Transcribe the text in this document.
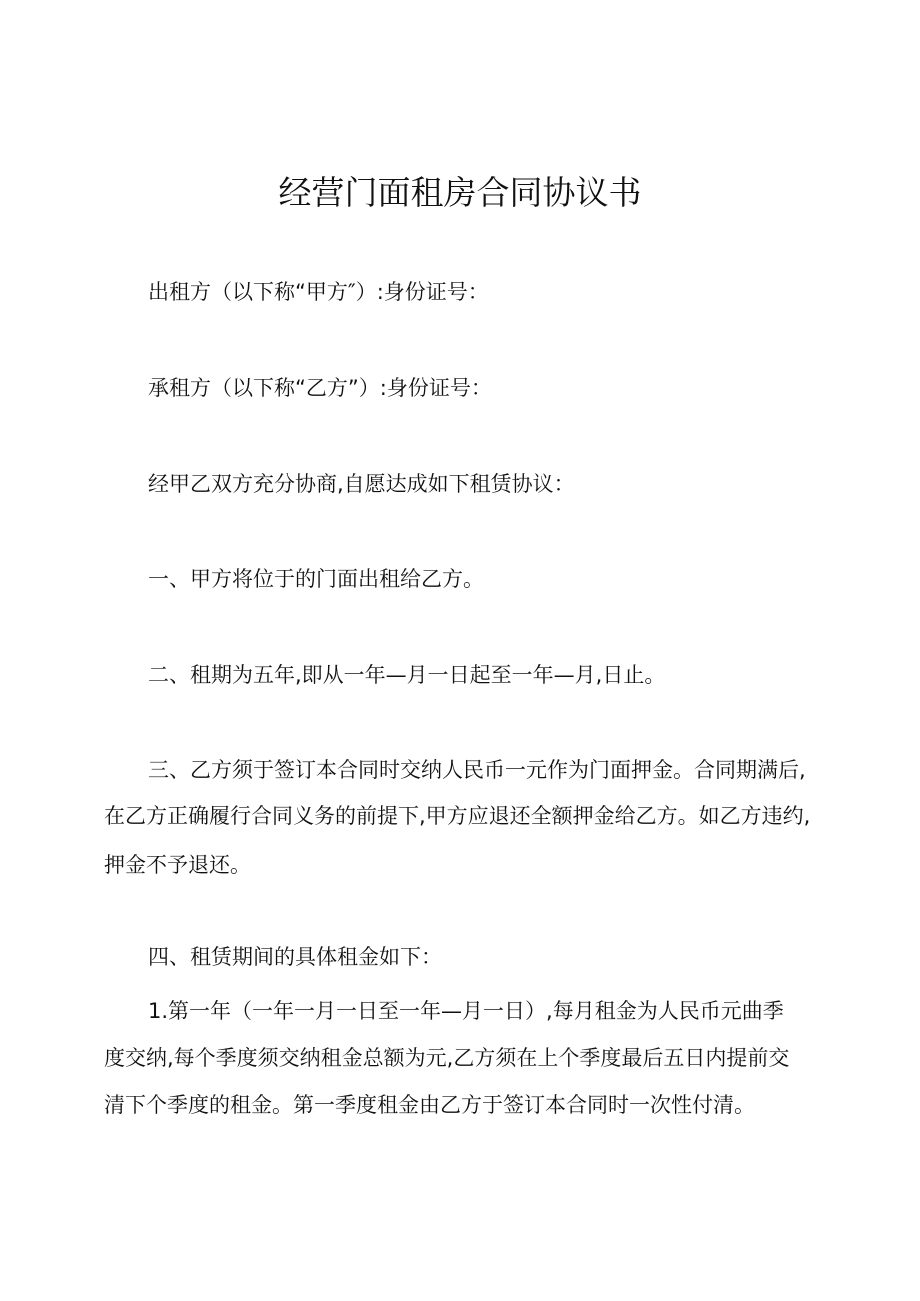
经营门面租房合同协议书

出租方（以下称“甲方″）:身份证号：

承租方（以下称“乙方”）:身份证号：

经甲乙双方充分协商,自愿达成如下租赁协议：

一、甲方将位于的门面出租给乙方。

二、租期为五年,即从一年—月一日起至一年—月,日止。

三、乙方须于签订本合同时交纳人民币一元作为门面押金。合同期满后,

在乙方正确履行合同义务的前提下,甲方应退还全额押金给乙方。如乙方违约,

押金不予退还。

四、租赁期间的具体租金如下：

1.第一年（一年一月一日至一年—月一日）,每月租金为人民币元曲季

度交纳,每个季度须交纳租金总额为元,乙方须在上个季度最后五日内提前交

清下个季度的租金。第一季度租金由乙方于签订本合同时一次性付清。
